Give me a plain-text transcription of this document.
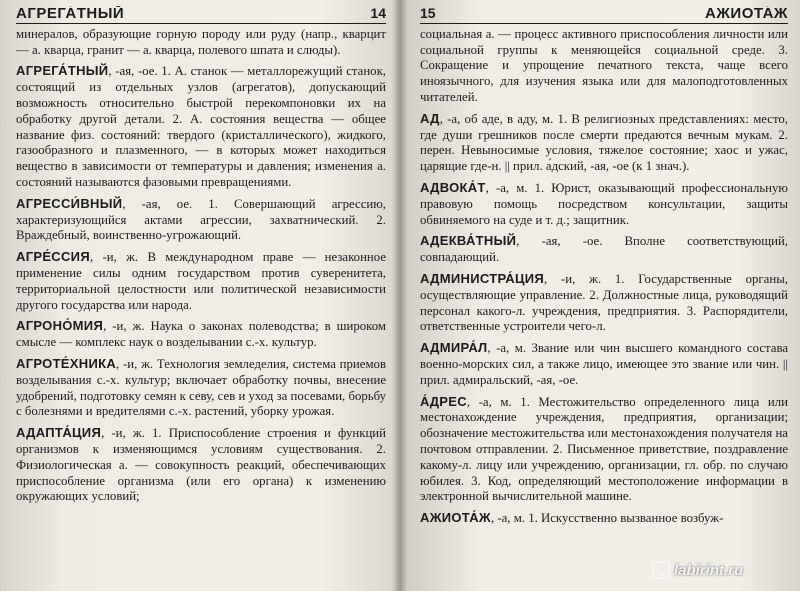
АГРЕГА́ТНЫЙ	14

минералов, образующие горную породу или руду (напр., кварцит — а. кварца, гранит — а. кварца, полевого шпата и слюды).

АГРЕГА́ТНЫЙ, -ая, -ое. 1. А. станок — металлорежущий станок, состоящий из отдельных узлов (агрегатов), допускающий возможность относительно быстрой перекомпоновки их на обработку другой детали. 2. А. состояния вещества — общее название физ. состояний: твердого (кристаллического), жидкого, газообразного и плазменного, — в которых может находиться вещество в зависимости от температуры и давления; изменения а. состояний называются фазовыми превращениями.

АГРЕССИ́ВНЫЙ, -ая, ое. 1. Совершающий агрессию, характеризующийся актами агрессии, захватнический. 2. Враждебный, воинственно-угрожающий.

АГРЕ́ССИЯ, -и, ж. В международном праве — незаконное применение силы одним государством против суверенитета, территориальной целостности или политической независимости другого государства или народа.

АГРОНО́МИЯ, -и, ж. Наука о законах полеводства; в широком смысле — комплекс наук о возделывании с.-х. культур.

АГРОТЕ́ХНИКА, -и, ж. Технология земледелия, система приемов возделывания с.-х. культур; включает обработку почвы, внесение удобрений, подготовку семян к севу, сев и уход за посевами, борьбу с болезнями и вредителями с.-х. растений, уборку урожая.

АДАПТА́ЦИЯ, -и, ж. 1. Приспособление строения и функций организмов к изменяющимся условиям существования. 2. Физиологическая а. — совокупность реакций, обеспечивающих приспособление организма (или его органа) к изменению окружающих условий;

15	АЖИОТА́Ж

социальная а. — процесс активного приспособления личности или социальной группы к меняющейся социальной среде. 3. Сокращение и упрощение печатного текста, чаще всего иноязычного, для изучения языка или для малоподготовленных читателей.

АД, -а, об аде, в аду, м. 1. В религиозных представлениях: место, где души грешников после смерти предаются вечным мукам. 2. перен. Невыносимые условия, тяжелое состояние; хаос и ужас, царящие где-н. || прил. а́дский, -ая, -ое (к 1 знач.).

АДВОКА́Т, -а, м. 1. Юрист, оказывающий профессиональную правовую помощь посредством консультации, защиты обвиняемого на суде и т. д.; защитник.

АДЕКВА́ТНЫЙ, -ая, -ое. Вполне соответствующий, совпадающий.

АДМИНИСТРА́ЦИЯ, -и, ж. 1. Государственные органы, осуществляющие управление. 2. Должностные лица, руководящий персонал какого-л. учреждения, предприятия. 3. Распорядители, ответственные устроители чего-л.

АДМИРА́Л, -а, м. Звание или чин высшего командного состава военно-морских сил, а также лицо, имеющее это звание или чин. || прил. адмиральский, -ая, -ое.

А́ДРЕС, -а, м. 1. Местожительство определенного лица или местонахождение учреждения, предприятия, организации; обозначение местожительства или местонахождения получателя на почтовом отправлении. 2. Письменное приветствие, поздравление какому-л. лицу или учреждению, организации, гл. обр. по случаю юбилея. 3. Код, определяющий местоположение информации в электронной вычислительной машине.

АЖИОТА́Ж, -а, м. 1. Искусственно вызванное возбуж-

labirint.ru
